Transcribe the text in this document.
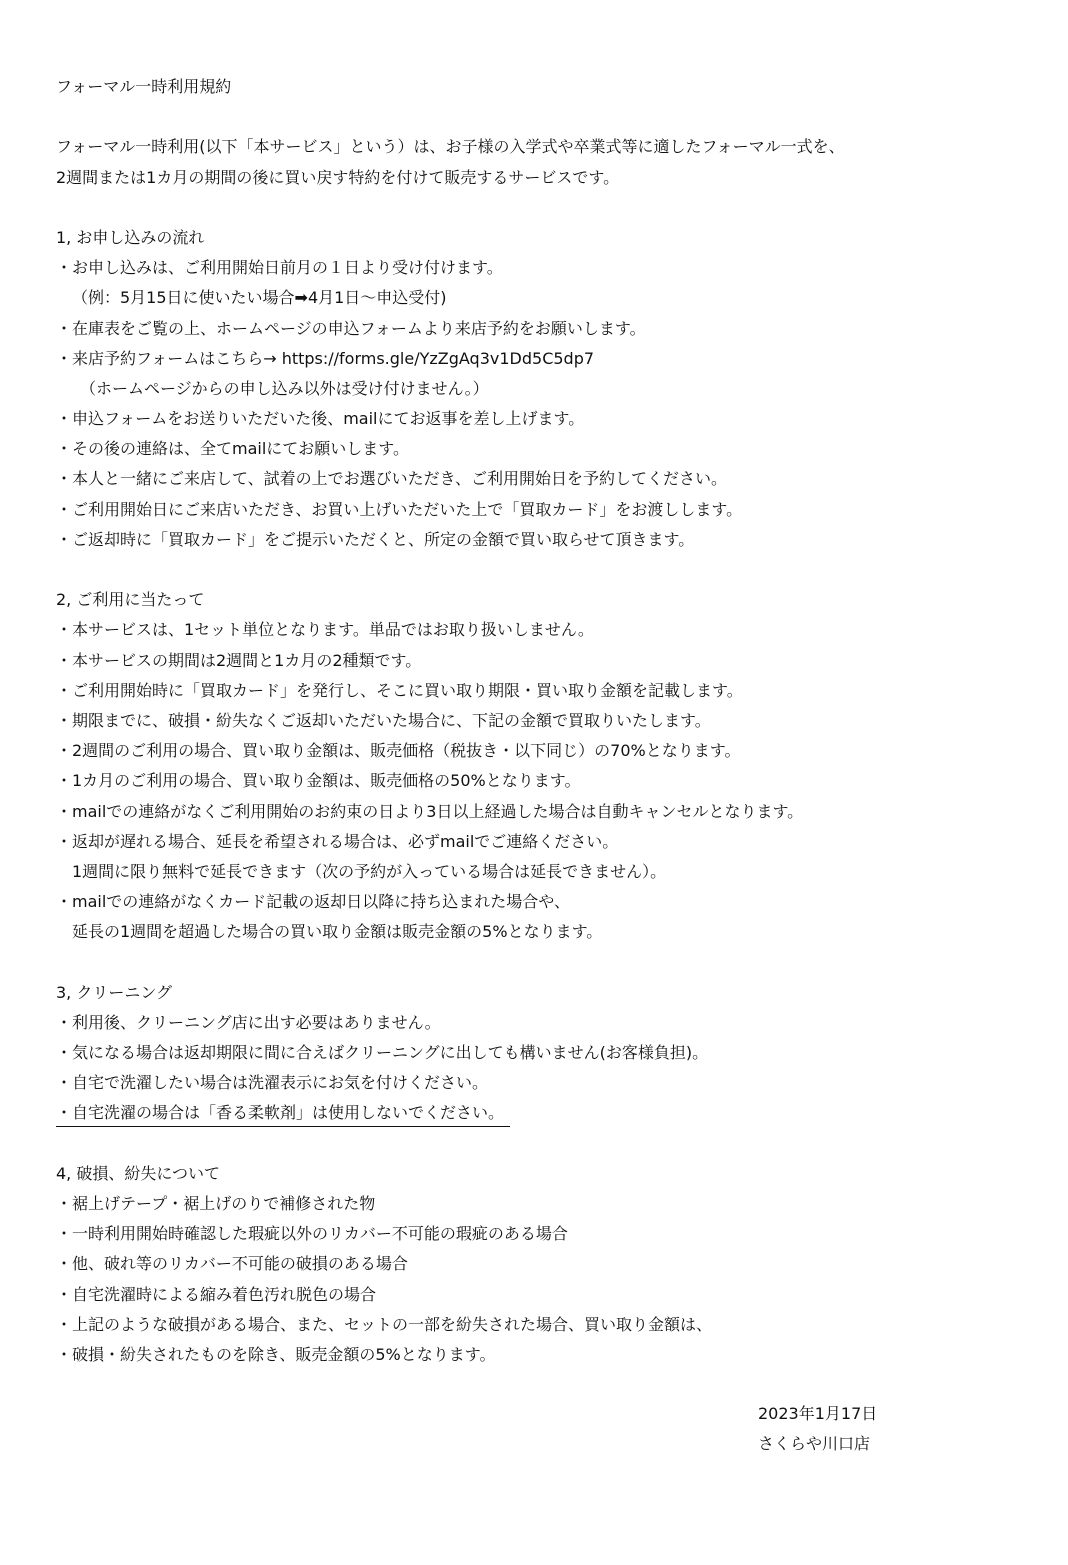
フォーマル一時利用規約
フォーマル一時利用(以下「本サービス」という）は、お子様の入学式や卒業式等に適したフォーマル一式を、
2週間または1カ月の期間の後に買い戻す特約を付けて販売するサービスです。
1, お申し込みの流れ
・お申し込みは、ご利用開始日前月の１日より受け付けます。
（例：5月15日に使いたい場合➡4月1日～申込受付)
・在庫表をご覧の上、ホームページの申込フォームより来店予約をお願いします。
・来店予約フォームはこちら→ https://forms.gle/YzZgAq3v1Dd5C5dp7
（ホームページからの申し込み以外は受け付けません。）
・申込フォームをお送りいただいた後、mailにてお返事を差し上げます。
・その後の連絡は、全てmailにてお願いします。
・本人と一緒にご来店して、試着の上でお選びいただき、ご利用開始日を予約してください。
・ご利用開始日にご来店いただき、お買い上げいただいた上で「買取カード」をお渡しします。
・ご返却時に「買取カード」をご提示いただくと、所定の金額で買い取らせて頂きます。
2, ご利用に当たって
・本サービスは、1セット単位となります。単品ではお取り扱いしません。
・本サービスの期間は2週間と1カ月の2種類です。
・ご利用開始時に「買取カード」を発行し、そこに買い取り期限・買い取り金額を記載します。
・期限までに、破損・紛失なくご返却いただいた場合に、下記の金額で買取りいたします。
・2週間のご利用の場合、買い取り金額は、販売価格（税抜き・以下同じ）の70%となります。
・1カ月のご利用の場合、買い取り金額は、販売価格の50%となります。
・mailでの連絡がなくご利用開始のお約束の日より3日以上経過した場合は自動キャンセルとなります。
・返却が遅れる場合、延長を希望される場合は、必ずmailでご連絡ください。
1週間に限り無料で延長できます（次の予約が入っている場合は延長できません）。
・mailでの連絡がなくカード記載の返却日以降に持ち込まれた場合や、
延長の1週間を超過した場合の買い取り金額は販売金額の5%となります。
3, クリーニング
・利用後、クリーニング店に出す必要はありません。
・気になる場合は返却期限に間に合えばクリーニングに出しても構いません(お客様負担)。
・自宅で洗濯したい場合は洗濯表示にお気を付けください。
・自宅洗濯の場合は「香る柔軟剤」は使用しないでください。
4, 破損、紛失について
・裾上げテープ・裾上げのりで補修された物
・一時利用開始時確認した瑕疵以外のリカバー不可能の瑕疵のある場合
・他、破れ等のリカバー不可能の破損のある場合
・自宅洗濯時による縮み着色汚れ脱色の場合
・上記のような破損がある場合、また、セットの一部を紛失された場合、買い取り金額は、
・破損・紛失されたものを除き、販売金額の5%となります。
2023年1月17日
さくらや川口店
